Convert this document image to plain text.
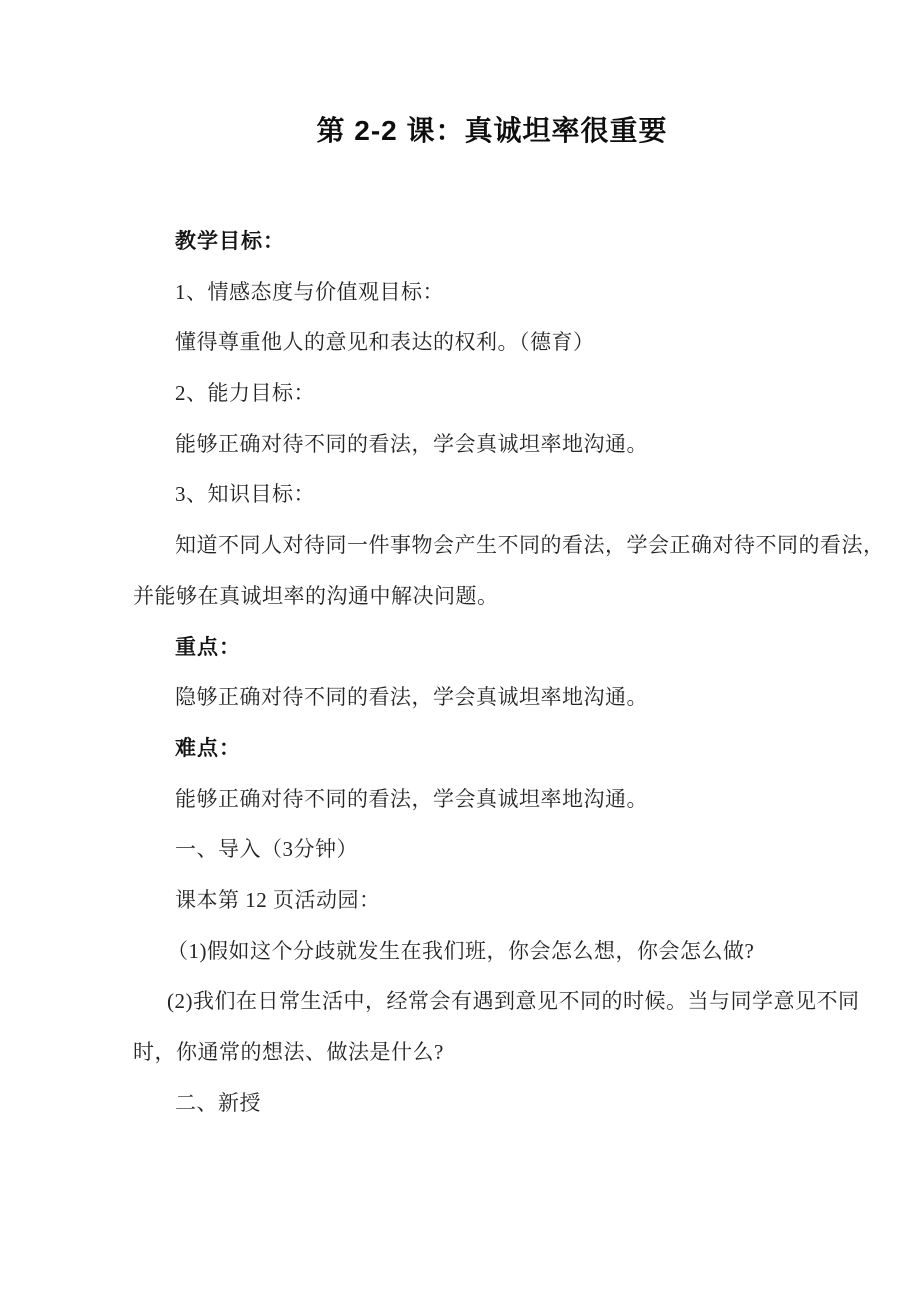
第 2-2 课：真诚坦率很重要
教学目标：
1、情感态度与价值观目标：
懂得尊重他人的意见和表达的权利。（德育）
2、能力目标：
能够正确对待不同的看法，学会真诚坦率地沟通。
3、知识目标：
知道不同人对待同一件事物会产生不同的看法，学会正确对待不同的看法，
并能够在真诚坦率的沟通中解决问题。
重点：
隐够正确对待不同的看法，学会真诚坦率地沟通。
难点：
能够正确对待不同的看法，学会真诚坦率地沟通。
一、导入（3分钟）
课本第 12 页活动园：
（1)假如这个分歧就发生在我们班，你会怎么想，你会怎么做?
(2)我们在日常生活中，经常会有遇到意见不同的时候。当与同学意见不同
时，你通常的想法、做法是什么?
二、新授
